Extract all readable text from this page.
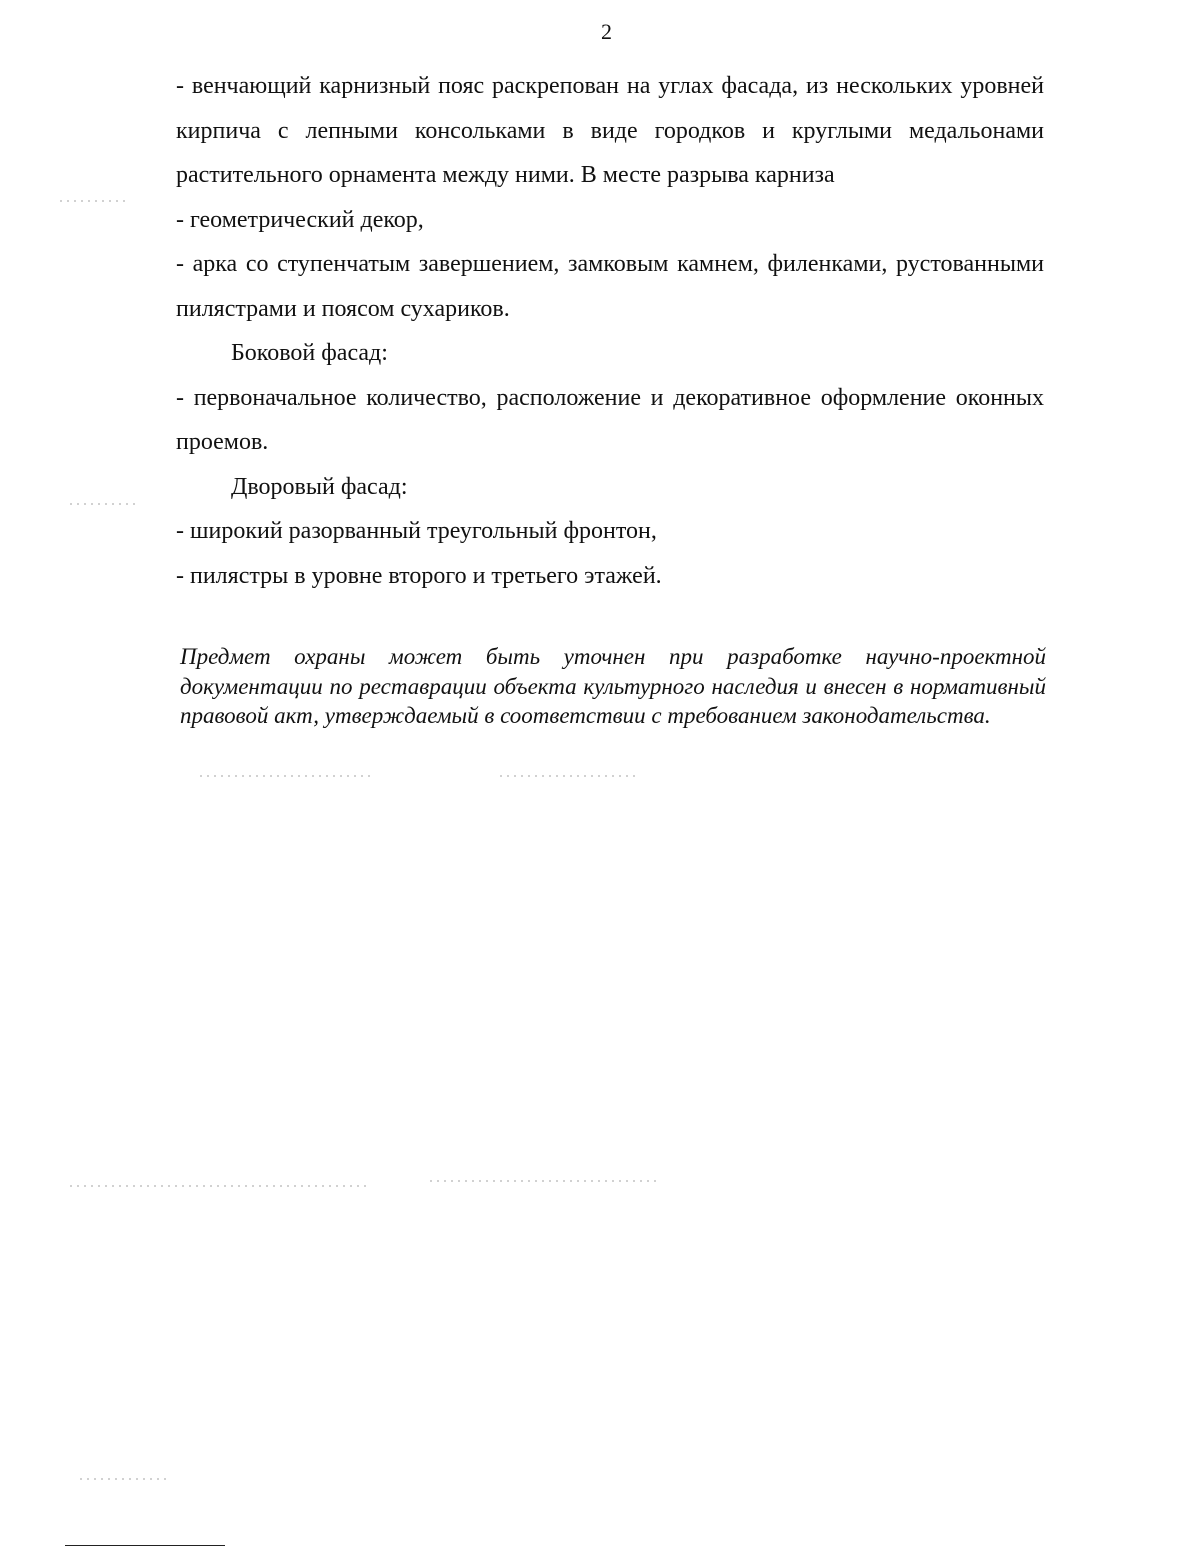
2

- венчающий карнизный пояс раскрепован на углах фасада, из нескольких уровней кирпича с лепными консольками в виде городков и круглыми медальонами растительного орнамента между ними. В месте разрыва карниза

- геометрический декор,

- арка со ступенчатым завершением, замковым камнем, филенками, рустованными пилястрами и поясом сухариков.

Боковой фасад:

- первоначальное количество, расположение и декоративное оформление оконных проемов.

Дворовый фасад:

- широкий разорванный треугольный фронтон,

- пилястры в уровне второго и третьего этажей.

Предмет охраны может быть уточнен при разработке научно-проектной документации по реставрации объекта культурного наследия и внесен в нормативный правовой акт, утверждаемый в соответствии с требованием законодательства.
